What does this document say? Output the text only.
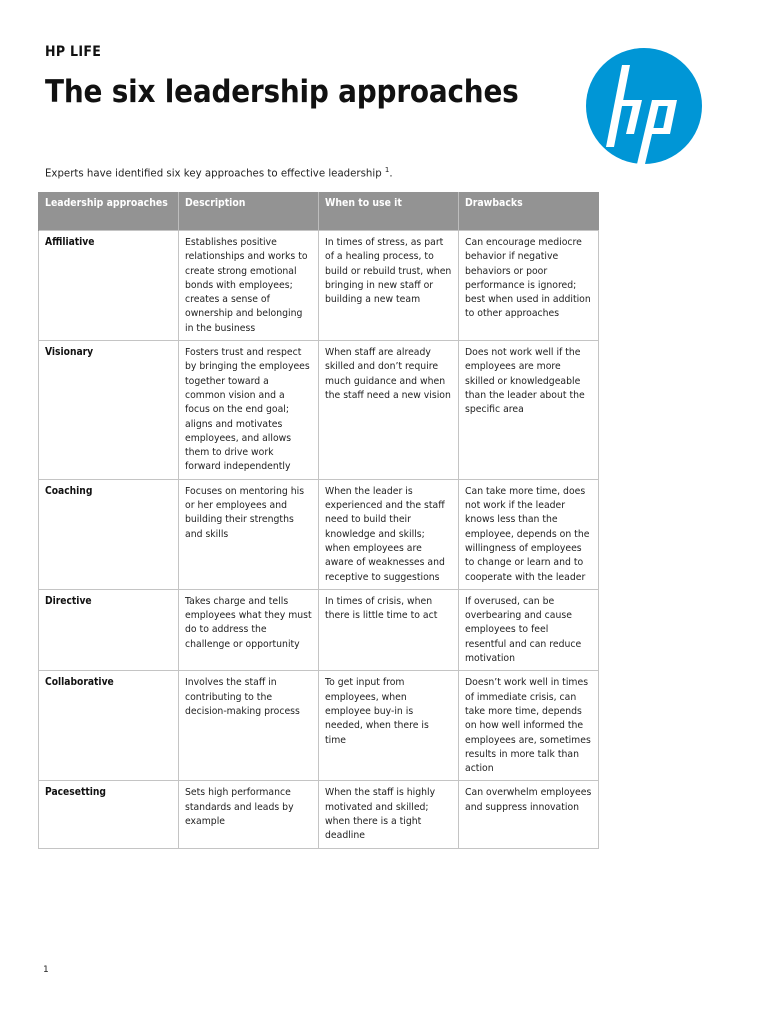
HP LIFE
The six leadership approaches
Experts have identified six key approaches to effective leadership $^1$.
Leadership approaches	Description	When to use it	Drawbacks
Affiliative	Establishes positive relationships and works to create strong emotional bonds with employees; creates a sense of ownership and belonging in the business	In times of stress, as part of a healing process, to build or rebuild trust, when bringing in new staff or building a new team	Can encourage mediocre behavior if negative behaviors or poor performance is ignored; best when used in addition to other approaches
Visionary	Fosters trust and respect by bringing the employees together toward a common vision and a focus on the end goal; aligns and motivates employees, and allows them to drive work forward independently	When staff are already skilled and don’t require much guidance and when the staff need a new vision	Does not work well if the employees are more skilled or knowledgeable than the leader about the specific area
Coaching	Focuses on mentoring his or her employees and building their strengths and skills	When the leader is experienced and the staff need to build their knowledge and skills; when employees are aware of weaknesses and receptive to suggestions	Can take more time, does not work if the leader knows less than the employee, depends on the willingness of employees to change or learn and to cooperate with the leader
Directive	Takes charge and tells employees what they must do to address the challenge or opportunity	In times of crisis, when there is little time to act	If overused, can be overbearing and cause employees to feel resentful and can reduce motivation
Collaborative	Involves the staff in contributing to the decision-making process	To get input from employees, when employee buy-in is needed, when there is time	Doesn’t work well in times of immediate crisis, can take more time, depends on how well informed the employees are, sometimes results in more talk than action
Pacesetting	Sets high performance standards and leads by example	When the staff is highly motivated and skilled; when there is a tight deadline	Can overwhelm employees and suppress innovation
1
